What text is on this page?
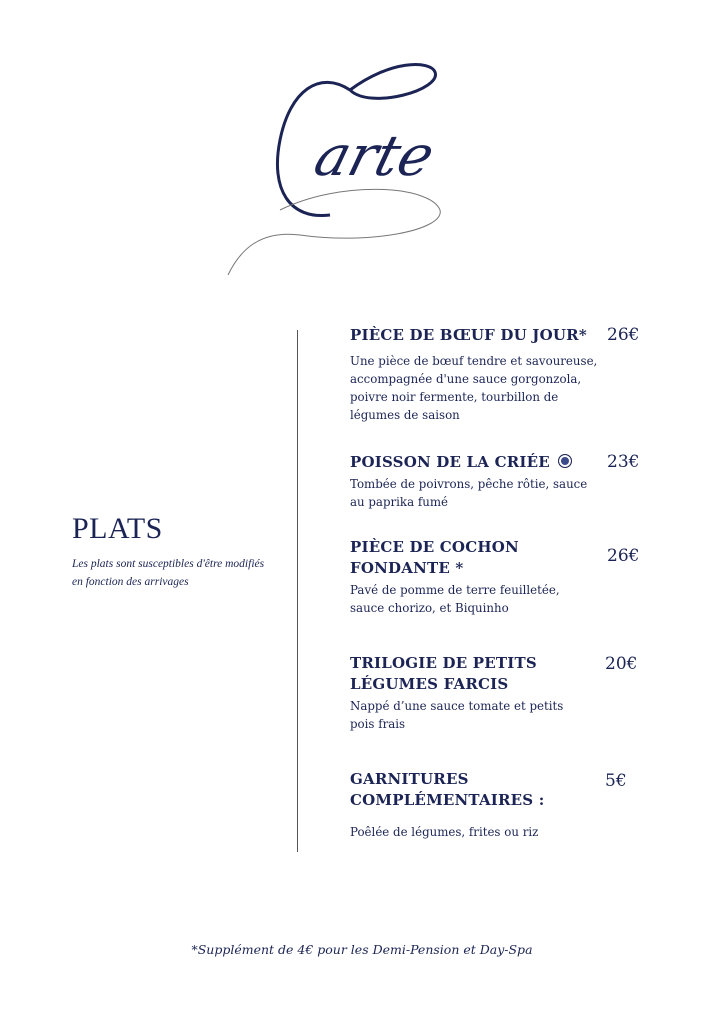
arte
PLATS
Les plats sont susceptibles d'être modifiés en fonction des arrivages
PIÈCE DE BŒUF DU JOUR*
Une pièce de bœuf tendre et savoureuse, accompagnée d'une sauce gorgonzola, poivre noir fermente, tourbillon de légumes de saison
26€
POISSON DE LA CRIÉE
Tombée de poivrons, pêche rôtie, sauce au paprika fumé
23€
PIÈCE DE COCHON FONDANTE *
Pavé de pomme de terre feuilletée, sauce chorizo, et Biquinho
26€
TRILOGIE DE PETITS LÉGUMES FARCIS
Nappé d’une sauce tomate et petits pois frais
20€
GARNITURES COMPLÉMENTAIRES :
Poêlée de légumes, frites ou riz
5€
*Supplément de 4€ pour les Demi-Pension et Day-Spa
